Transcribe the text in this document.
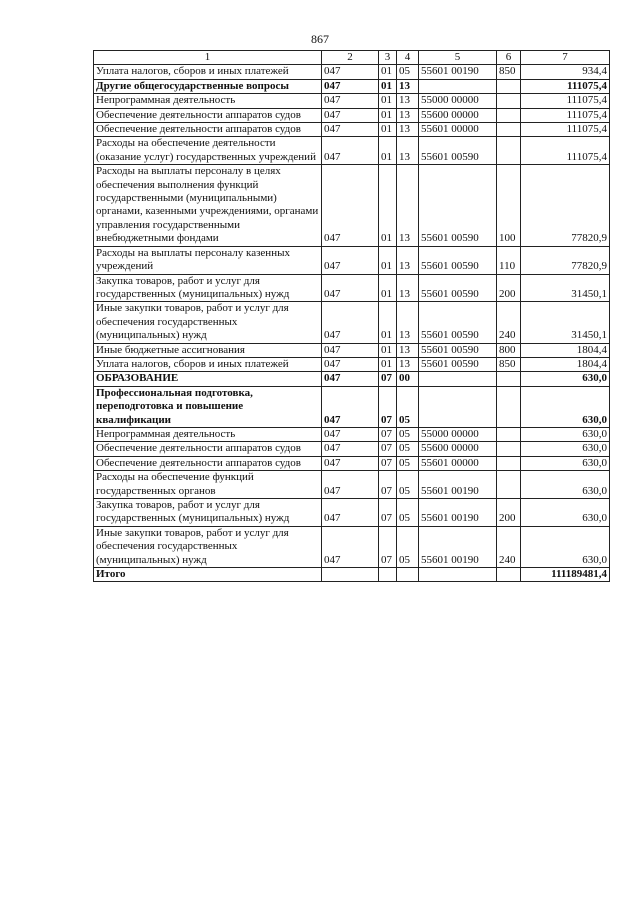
867
1	2	3	4	5	6	7
Уплата налогов, сборов и иных платежей	047	01	05	55601 00190	850	934,4
Другие общегосударственные вопросы	047	01	13			111075,4
Непрограммная деятельность	047	01	13	55000 00000		111075,4
Обеспечение деятельности аппаратов судов	047	01	13	55600 00000		111075,4
Обеспечение деятельности аппаратов судов	047	01	13	55601 00000		111075,4
Расходы на обеспечение деятельности (оказание услуг) государственных учреждений	047	01	13	55601 00590		111075,4
Расходы на выплаты персоналу в целях обеспечения выполнения функций государственными (муниципальными) органами, казенными учреждениями, органами управления государственными внебюджетными фондами	047	01	13	55601 00590	100	77820,9
Расходы на выплаты персоналу казенных учреждений	047	01	13	55601 00590	110	77820,9
Закупка товаров, работ и услуг для государственных (муниципальных) нужд	047	01	13	55601 00590	200	31450,1
Иные закупки товаров, работ и услуг для обеспечения государственных (муниципальных) нужд	047	01	13	55601 00590	240	31450,1
Иные бюджетные ассигнования	047	01	13	55601 00590	800	1804,4
Уплата налогов, сборов и иных платежей	047	01	13	55601 00590	850	1804,4
ОБРАЗОВАНИЕ	047	07	00			630,0
Профессиональная подготовка, переподготовка и повышение квалификации	047	07	05			630,0
Непрограммная деятельность	047	07	05	55000 00000		630,0
Обеспечение деятельности аппаратов судов	047	07	05	55600 00000		630,0
Обеспечение деятельности аппаратов судов	047	07	05	55601 00000		630,0
Расходы на обеспечение функций государственных органов	047	07	05	55601 00190		630,0
Закупка товаров, работ и услуг для государственных (муниципальных) нужд	047	07	05	55601 00190	200	630,0
Иные закупки товаров, работ и услуг для обеспечения государственных (муниципальных) нужд	047	07	05	55601 00190	240	630,0
Итого						111189481,4
